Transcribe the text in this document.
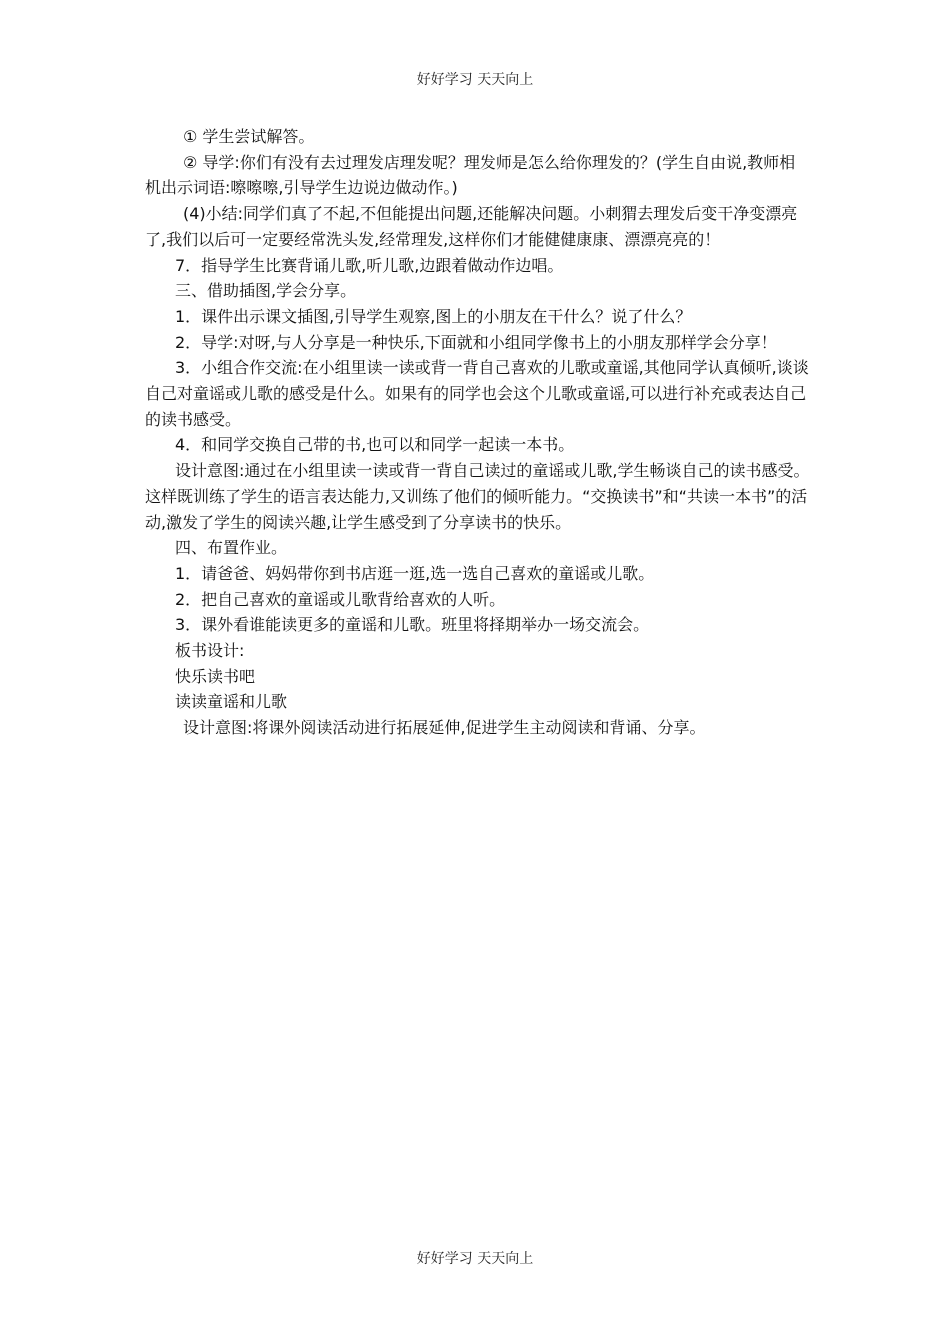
好好学习 天天向上

① 学生尝试解答。

② 导学:你们有没有去过理发店理发呢？理发师是怎么给你理发的？(学生自由说,教师相机出示词语:嚓嚓嚓,引导学生边说边做动作。)

(4)小结:同学们真了不起,不但能提出问题,还能解决问题。小刺猬去理发后变干净变漂亮了,我们以后可一定要经常洗头发,经常理发,这样你们才能健健康康、漂漂亮亮的！

7．指导学生比赛背诵儿歌,听儿歌,边跟着做动作边唱。

三、借助插图,学会分享。

1．课件出示课文插图,引导学生观察,图上的小朋友在干什么？说了什么？

2．导学:对呀,与人分享是一种快乐,下面就和小组同学像书上的小朋友那样学会分享！

3．小组合作交流:在小组里读一读或背一背自己喜欢的儿歌或童谣,其他同学认真倾听,谈谈自己对童谣或儿歌的感受是什么。如果有的同学也会这个儿歌或童谣,可以进行补充或表达自己的读书感受。

4．和同学交换自己带的书,也可以和同学一起读一本书。

设计意图:通过在小组里读一读或背一背自己读过的童谣或儿歌,学生畅谈自己的读书感受。这样既训练了学生的语言表达能力,又训练了他们的倾听能力。“交换读书”和“共读一本书”的活动,激发了学生的阅读兴趣,让学生感受到了分享读书的快乐。

四、布置作业。

1．请爸爸、妈妈带你到书店逛一逛,选一选自己喜欢的童谣或儿歌。

2．把自己喜欢的童谣或儿歌背给喜欢的人听。

3．课外看谁能读更多的童谣和儿歌。班里将择期举办一场交流会。

板书设计:

快乐读书吧

读读童谣和儿歌

设计意图:将课外阅读活动进行拓展延伸,促进学生主动阅读和背诵、分享。

好好学习 天天向上
